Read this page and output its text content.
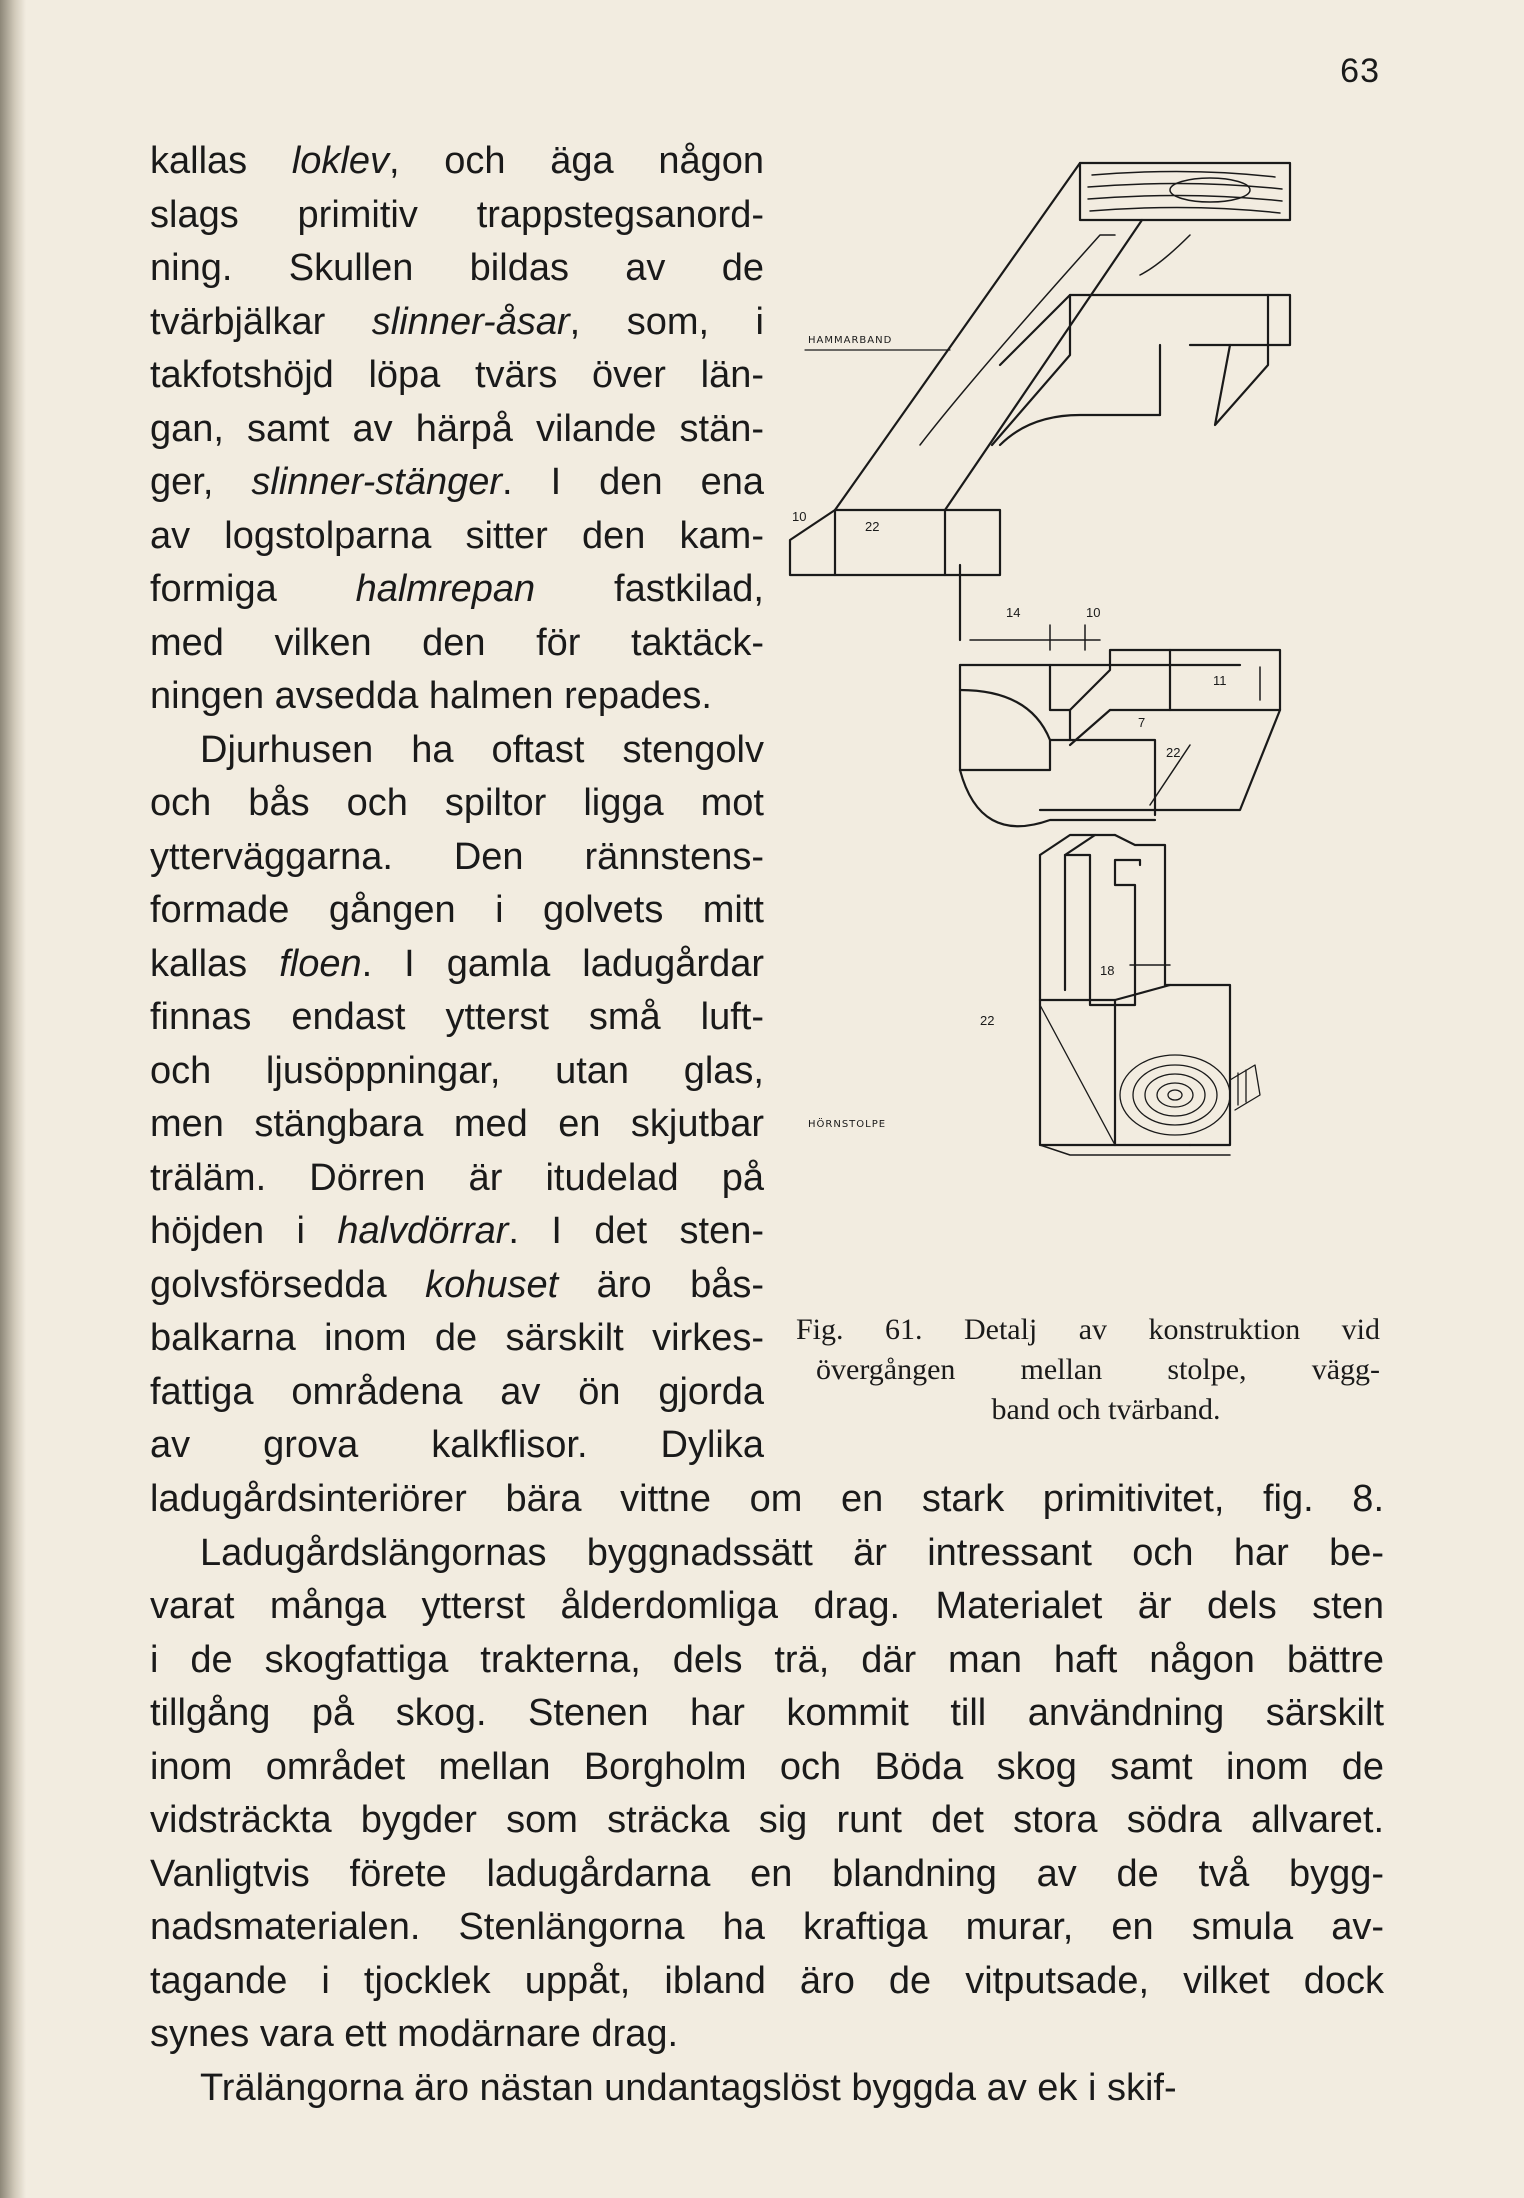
63
kallas loklev, och äga någon
slags primitiv trappstegsanord-
ning. Skullen bildas av de
tvärbjälkar slinner-åsar, som, i
takfotshöjd löpa tvärs över län-
gan, samt av härpå vilande stän-
ger, slinner-stänger. I den ena
av logstolparna sitter den kam-
formiga halmrepan fastkilad,
med vilken den för taktäck-
ningen avsedda halmen repades.
Djurhusen ha oftast stengolv
och bås och spiltor ligga mot
ytterväggarna. Den rännstens-
formade gången i golvets mitt
kallas floen. I gamla ladugårdar
finnas endast ytterst små luft-
och ljusöppningar, utan glas,
men stängbara med en skjutbar
träläm. Dörren är itudelad på
höjden i halvdörrar. I det sten-
golvsförsedda kohuset äro bås-
balkarna inom de särskilt virkes-
fattiga områdena av ön gjorda
av grova kalkflisor. Dylika
HAMMARBAND
HÖRNSTOLPE
10
22
14	10
11
7
22
18
22
Fig. 61. Detalj av konstruktion vid
övergången mellan stolpe, vägg-
band och tvärband.
ladugårdsinteriörer bära vittne om en stark primitivitet, fig. 8.
Ladugårdslängornas byggnadssätt är intressant och har be-
varat många ytterst ålderdomliga drag. Materialet är dels sten
i de skogfattiga trakterna, dels trä, där man haft någon bättre
tillgång på skog. Stenen har kommit till användning särskilt
inom området mellan Borgholm och Böda skog samt inom de
vidsträckta bygder som sträcka sig runt det stora södra allvaret.
Vanligtvis förete ladugårdarna en blandning av de två bygg-
nadsmaterialen. Stenlängorna ha kraftiga murar, en smula av-
tagande i tjocklek uppåt, ibland äro de vitputsade, vilket dock
synes vara ett modärnare drag.
Trälängorna äro nästan undantagslöst byggda av ek i skif-
